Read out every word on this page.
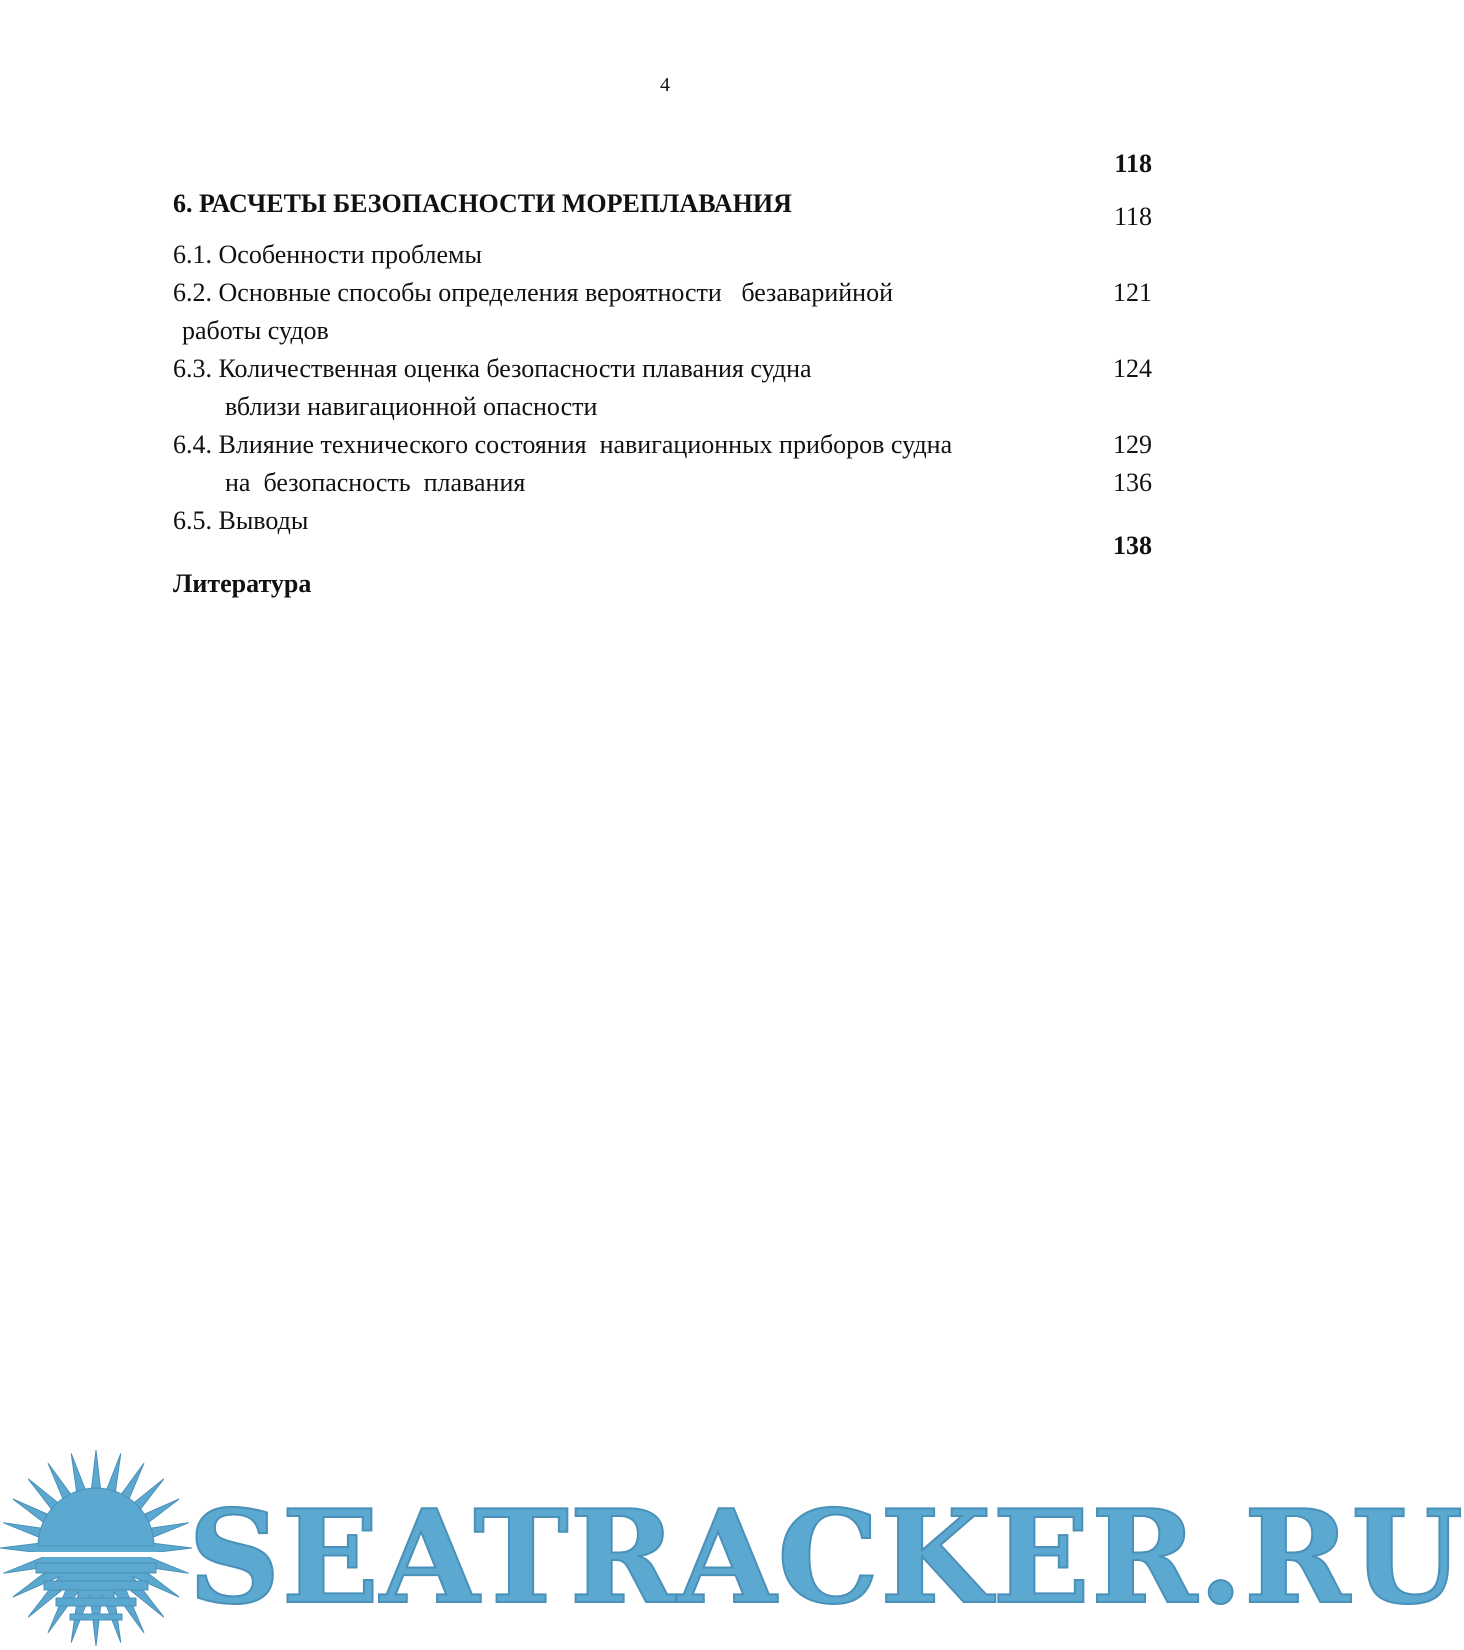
4

6. РАСЧЕТЫ БЕЗОПАСНОСТИ МОРЕПЛАВАНИЯ

118

6.1. Особенности проблемы

118

6.2. Основные способы определения вероятности   безаварийной

работы судов

121

6.3. Количественная оценка безопасности плавания судна

вблизи навигационной опасности

124

6.4. Влияние технического состояния  навигационных приборов судна

на  безопасность  плавания

129

6.5. Выводы

136

Литература

138

SEATRACKER.RU
